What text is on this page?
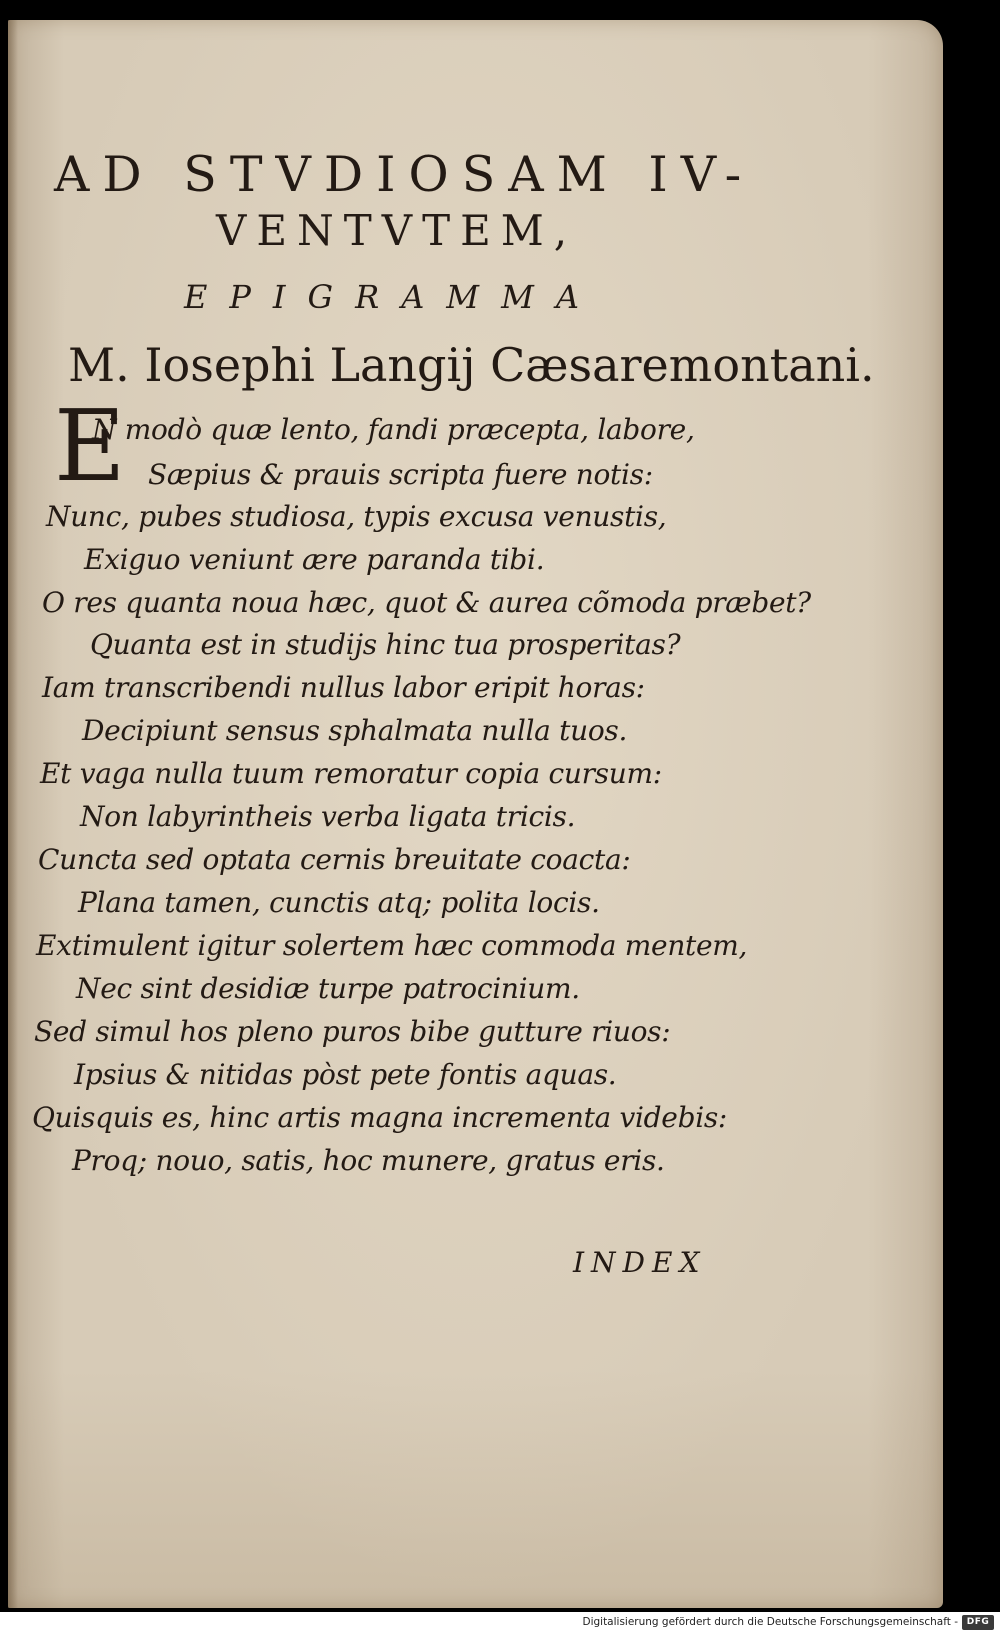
AD STVDIOSAM IV-
VENTVTEM,
EPIGRAMMA
M. Iosephi Langij Cæsaremontani.
E
N modò quæ lento, fandi præcepta, labore,
Sæpius & prauis scripta fuere notis:
Nunc, pubes studiosa, typis excusa venustis,
Exiguo veniunt ære paranda tibi.
O res quanta noua hæc, quot & aurea cõmoda præbet?
Quanta est in studijs hinc tua prosperitas?
Iam transcribendi nullus labor eripit horas:
Decipiunt sensus sphalmata nulla tuos.
Et vaga nulla tuum remoratur copia cursum:
Non labyrintheis verba ligata tricis.
Cuncta sed optata cernis breuitate coacta:
Plana tamen, cunctis atq; polita locis.
Extimulent igitur solertem hæc commoda mentem,
Nec sint desidiæ turpe patrocinium.
Sed simul hos pleno puros bibe gutture riuos:
Ipsius & nitidas pòst pete fontis aquas.
Quisquis es, hinc artis magna incrementa videbis:
Proq; nouo, satis, hoc munere, gratus eris.
INDEX
Digitalisierung gefördert durch die Deutsche Forschungsgemeinschaft - DFG
